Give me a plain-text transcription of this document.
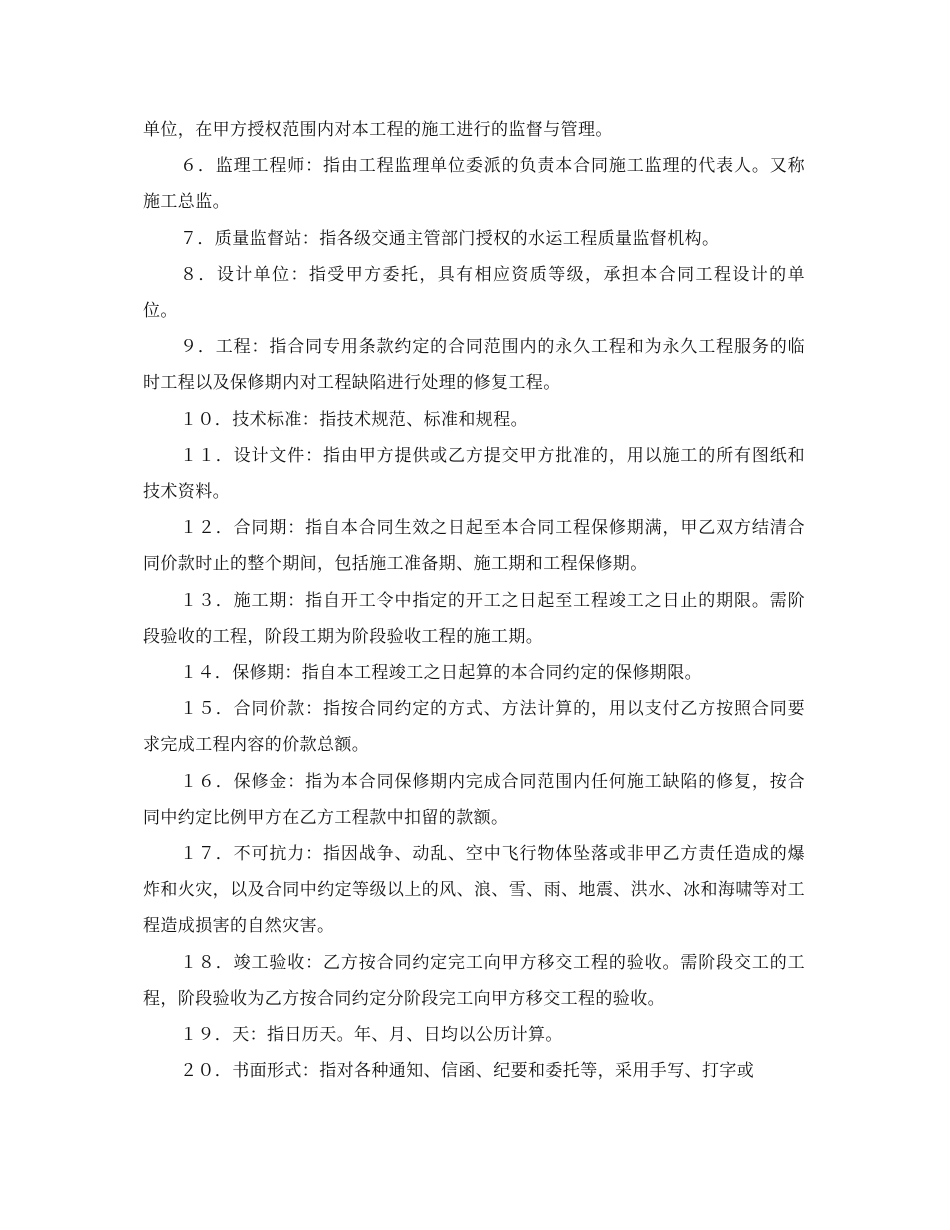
单位，在甲方授权范围内对本工程的施工进行的监督与管理。

６．监理工程师：指由工程监理单位委派的负责本合同施工监理的代表人。又称施工总监。

７．质量监督站：指各级交通主管部门授权的水运工程质量监督机构。

８．设计单位：指受甲方委托，具有相应资质等级，承担本合同工程设计的单位。

９．工程：指合同专用条款约定的合同范围内的永久工程和为永久工程服务的临时工程以及保修期内对工程缺陷进行处理的修复工程。

１０．技术标准：指技术规范、标准和规程。

１１．设计文件：指由甲方提供或乙方提交甲方批准的，用以施工的所有图纸和技术资料。

１２．合同期：指自本合同生效之日起至本合同工程保修期满，甲乙双方结清合同价款时止的整个期间，包括施工准备期、施工期和工程保修期。

１３．施工期：指自开工令中指定的开工之日起至工程竣工之日止的期限。需阶段验收的工程，阶段工期为阶段验收工程的施工期。

１４．保修期：指自本工程竣工之日起算的本合同约定的保修期限。

１５．合同价款：指按合同约定的方式、方法计算的，用以支付乙方按照合同要求完成工程内容的价款总额。

１６．保修金：指为本合同保修期内完成合同范围内任何施工缺陷的修复，按合同中约定比例甲方在乙方工程款中扣留的款额。

１７．不可抗力：指因战争、动乱、空中飞行物体坠落或非甲乙方责任造成的爆炸和火灾，以及合同中约定等级以上的风、浪、雪、雨、地震、洪水、冰和海啸等对工程造成损害的自然灾害。

１８．竣工验收：乙方按合同约定完工向甲方移交工程的验收。需阶段交工的工程，阶段验收为乙方按合同约定分阶段完工向甲方移交工程的验收。

１９．天：指日历天。年、月、日均以公历计算。

２０．书面形式：指对各种通知、信函、纪要和委托等，采用手写、打字或
